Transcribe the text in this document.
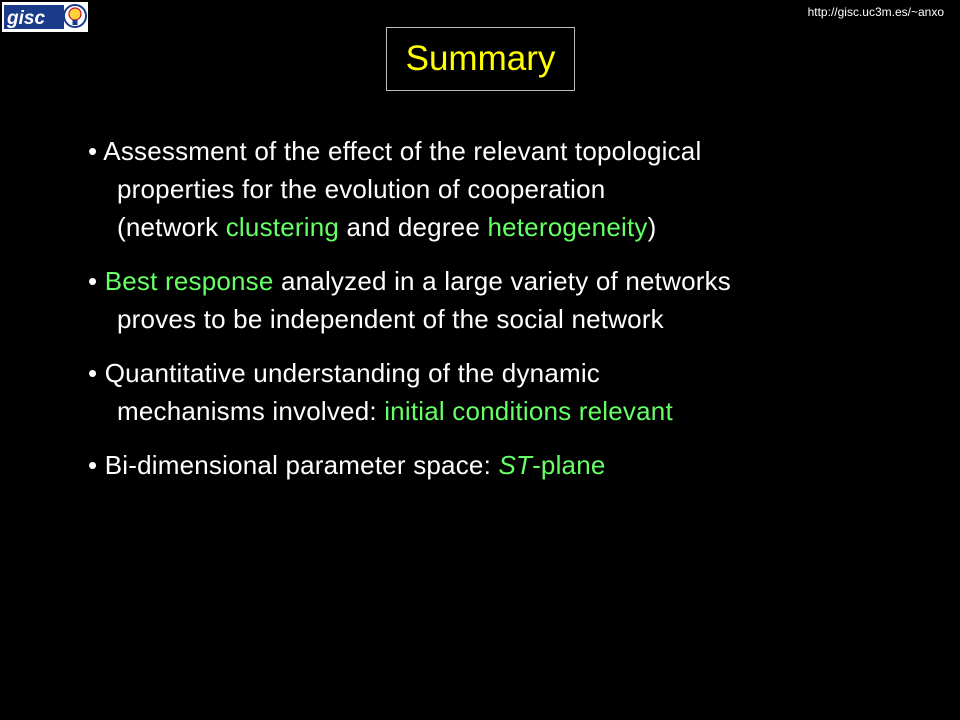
gisc	http://gisc.uc3m.es/~anxo
Summary
• Assessment of the effect of the relevant topological
properties for the evolution of cooperation
(network clustering and degree heterogeneity)
• Best response analyzed in a large variety of networks
proves to be independent of the social network
• Quantitative understanding of the dynamic
mechanisms involved: initial conditions relevant
• Bi-dimensional parameter space: ST-plane
